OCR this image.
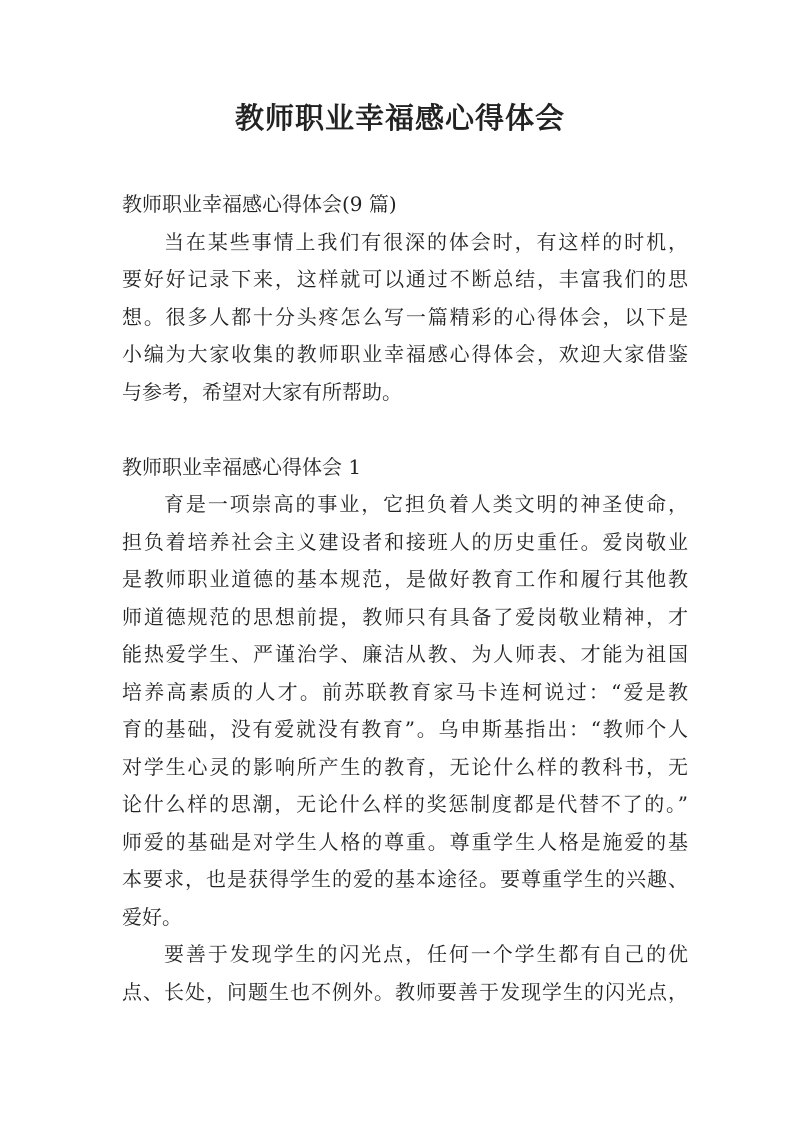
教师职业幸福感心得体会
教师职业幸福感心得体会(9 篇)
当在某些事情上我们有很深的体会时，有这样的时机，
要好好记录下来，这样就可以通过不断总结，丰富我们的思
想。很多人都十分头疼怎么写一篇精彩的心得体会，以下是
小编为大家收集的教师职业幸福感心得体会，欢迎大家借鉴
与参考，希望对大家有所帮助。
教师职业幸福感心得体会 1
育是一项崇高的事业，它担负着人类文明的神圣使命，
担负着培养社会主义建设者和接班人的历史重任。爱岗敬业
是教师职业道德的基本规范，是做好教育工作和履行其他教
师道德规范的思想前提，教师只有具备了爱岗敬业精神，才
能热爱学生、严谨治学、廉洁从教、为人师表、才能为祖国
培养高素质的人才。前苏联教育家马卡连柯说过：“爱是教
育的基础，没有爱就没有教育”。乌申斯基指出：“教师个人
对学生心灵的影响所产生的教育，无论什么样的教科书，无
论什么样的思潮，无论什么样的奖惩制度都是代替不了的。”
师爱的基础是对学生人格的尊重。尊重学生人格是施爱的基
本要求，也是获得学生的爱的基本途径。要尊重学生的兴趣、
爱好。
要善于发现学生的闪光点，任何一个学生都有自己的优
点、长处，问题生也不例外。教师要善于发现学生的闪光点，
